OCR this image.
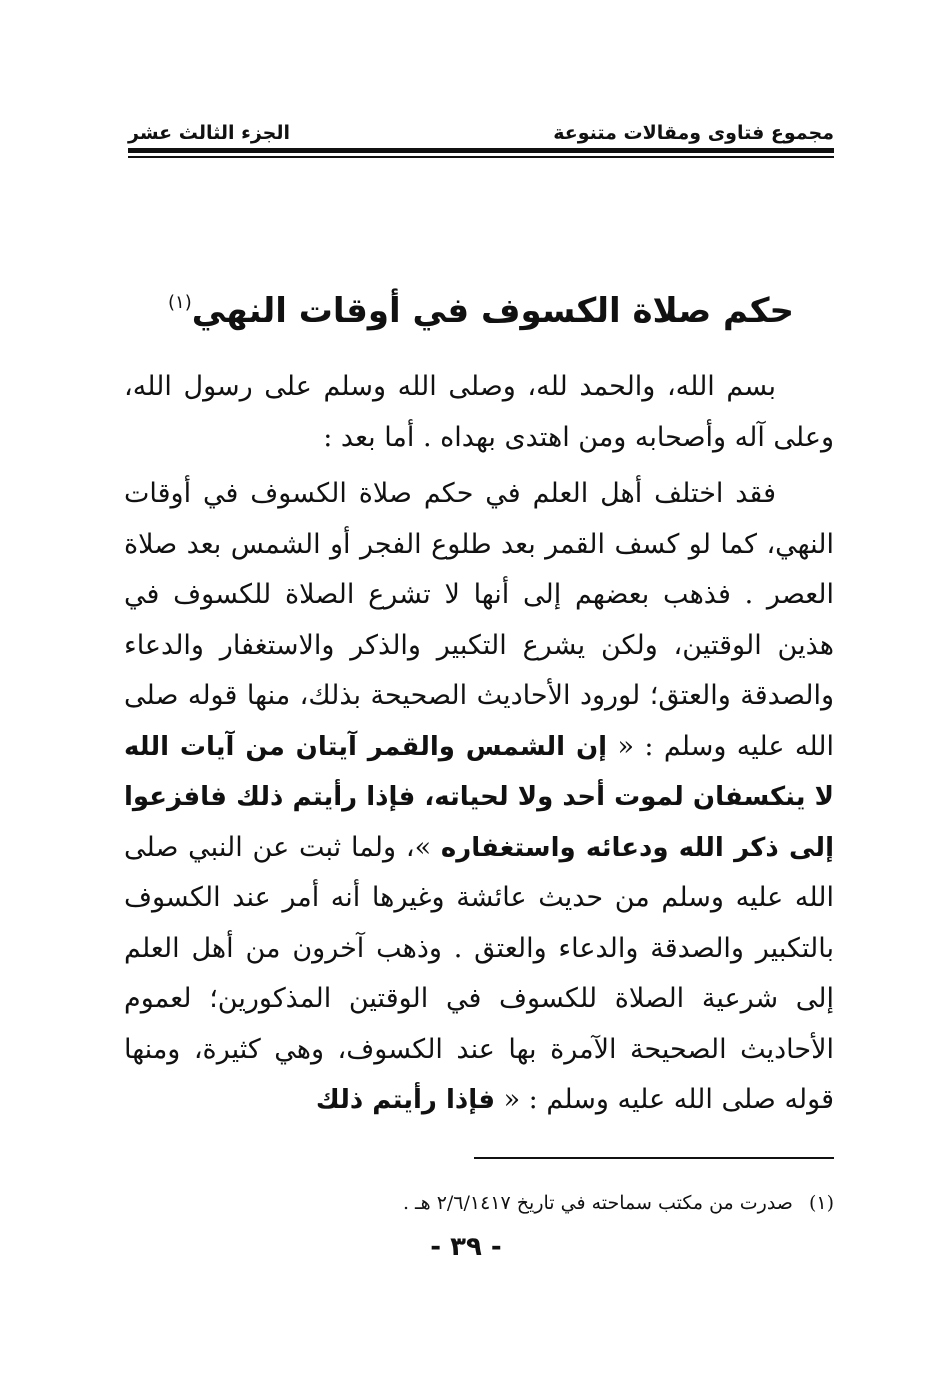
مجموع فتاوى ومقالات متنوعة
الجزء الثالث عشر
حكم صلاة الكسوف في أوقات النهي$^{(١)}$

بسم الله، والحمد لله، وصلى الله وسلم على رسول الله، وعلى آله وأصحابه ومن اهتدى بهداه . أما بعد :

فقد اختلف أهل العلم في حكم صلاة الكسوف في أوقات النهي، كما لو كسف القمر بعد طلوع الفجر أو الشمس بعد صلاة العصر . فذهب بعضهم إلى أنها لا تشرع الصلاة للكسوف في هذين الوقتين، ولكن يشرع التكبير والذكر والاستغفار والدعاء والصدقة والعتق؛ لورود الأحاديث الصحيحة بذلك، منها قوله صلى الله عليه وسلم : « إن الشمس والقمر آيتان من آيات الله لا ينكسفان لموت أحد ولا لحياته، فإذا رأيتم ذلك فافزعوا إلى ذكر الله ودعائه واستغفاره »، ولما ثبت عن النبي صلى الله عليه وسلم من حديث عائشة وغيرها أنه أمر عند الكسوف بالتكبير والصدقة والدعاء والعتق . وذهب آخرون من أهل العلم إلى شرعية الصلاة للكسوف في الوقتين المذكورين؛ لعموم الأحاديث الصحيحة الآمرة بها عند الكسوف، وهي كثيرة، ومنها قوله صلى الله عليه وسلم : « فإذا رأيتم ذلك

(١)صدرت من مكتب سماحته في تاريخ ٢/٦/١٤١٧ هـ .
- ٣٩ -
